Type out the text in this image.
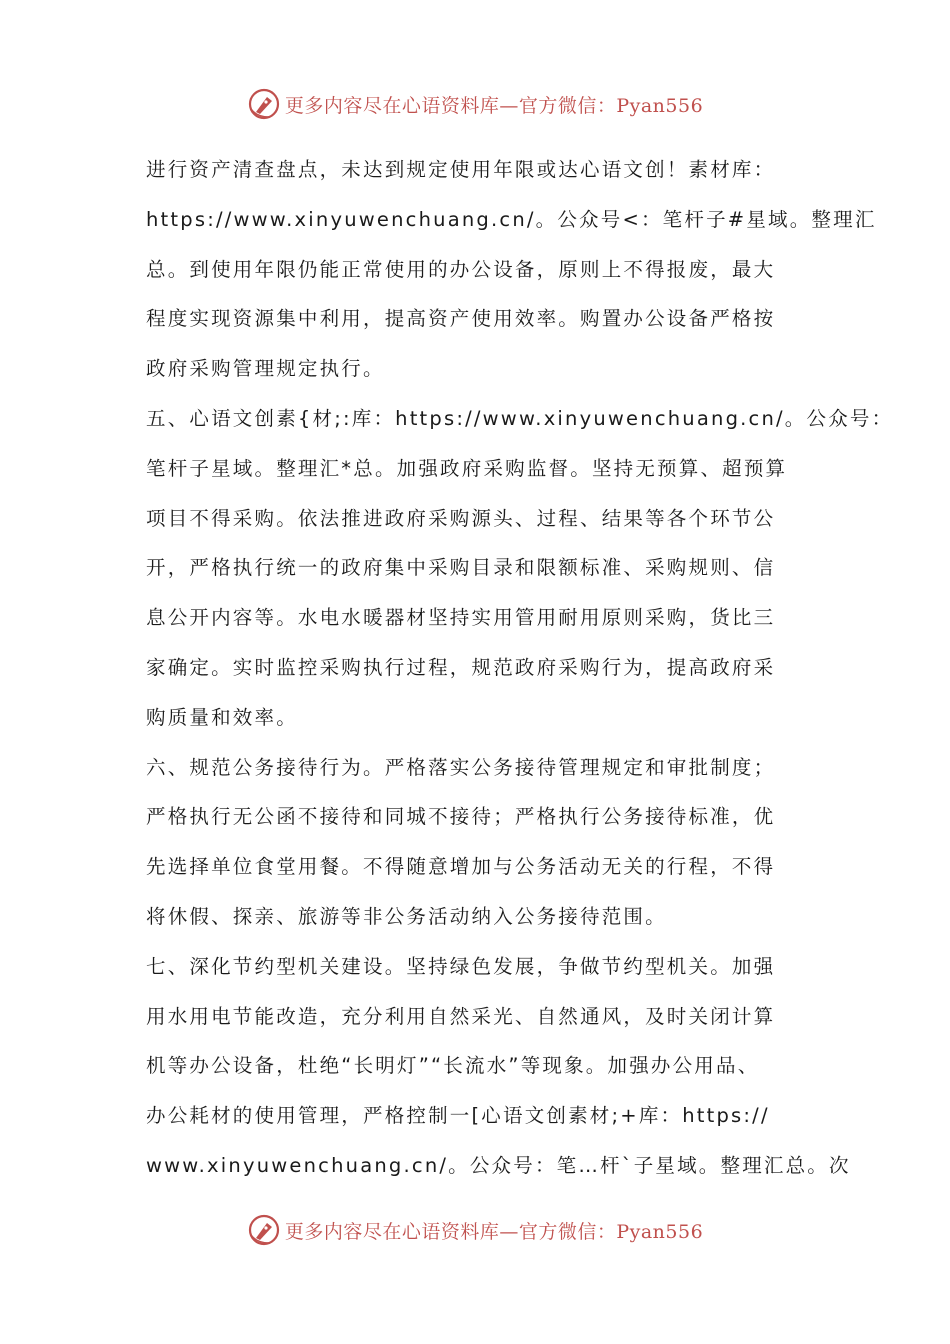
更多内容尽在心语资料库—官方微信：Pyan556
进行资产清查盘点，未达到规定使用年限或达心语文创！素材库：
https://www.xinyuwenchuang.cn/。公众号<：笔杆子#星域。整理汇
总。到使用年限仍能正常使用的办公设备，原则上不得报废，最大
程度实现资源集中利用，提高资产使用效率。购置办公设备严格按
政府采购管理规定执行。
五、心语文创素{材;:库：https://www.xinyuwenchuang.cn/。公众号：
笔杆子星域。整理汇*总。加强政府采购监督。坚持无预算、超预算
项目不得采购。依法推进政府采购源头、过程、结果等各个环节公
开，严格执行统一的政府集中采购目录和限额标准、采购规则、信
息公开内容等。水电水暖器材坚持实用管用耐用原则采购，货比三
家确定。实时监控采购执行过程，规范政府采购行为，提高政府采
购质量和效率。
六、规范公务接待行为。严格落实公务接待管理规定和审批制度；
严格执行无公函不接待和同城不接待；严格执行公务接待标准，优
先选择单位食堂用餐。不得随意增加与公务活动无关的行程，不得
将休假、探亲、旅游等非公务活动纳入公务接待范围。
七、深化节约型机关建设。坚持绿色发展，争做节约型机关。加强
用水用电节能改造，充分利用自然采光、自然通风，及时关闭计算
机等办公设备，杜绝“长明灯”“长流水”等现象。加强办公用品、
办公耗材的使用管理，严格控制一[心语文创素材;+库：https://
www.xinyuwenchuang.cn/。公众号：笔…杆`子星域。整理汇总。次
更多内容尽在心语资料库—官方微信：Pyan556
